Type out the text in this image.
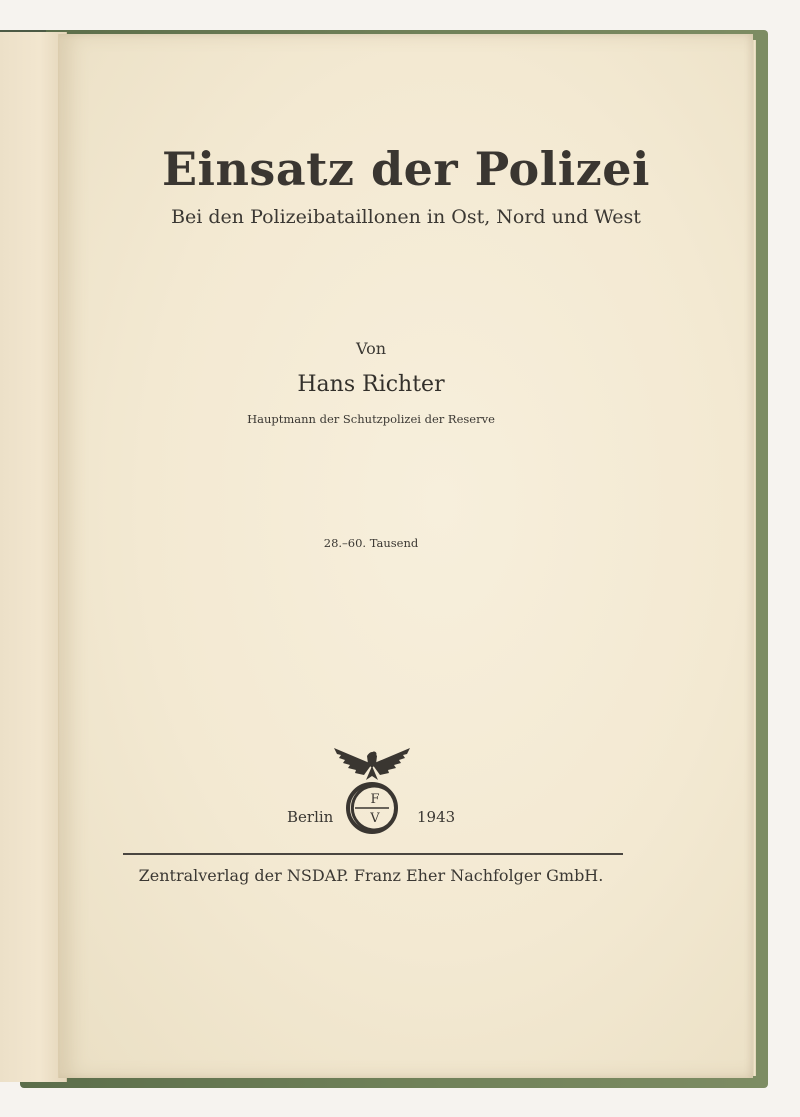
Einsatz der Polizei
Bei den Polizeibataillonen in Ost, Nord und West
Von
Hans Richter
Hauptmann der Schutzpolizei der Reserve
28.–60. Tausend
F
V
Berlin	1943
Zentralverlag der NSDAP. Franz Eher Nachfolger GmbH.
